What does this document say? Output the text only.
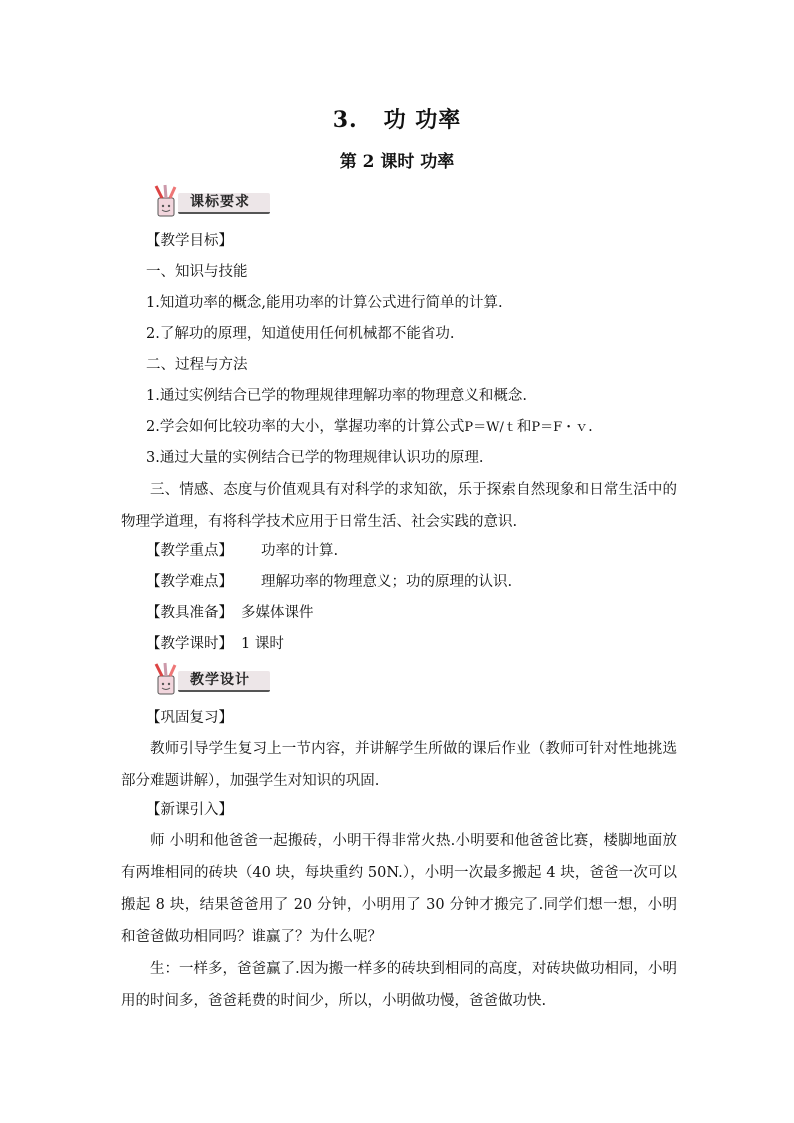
3.   功 功率
第 2 课时 功率
课标要求
【教学目标】
一、知识与技能
1.知道功率的概念,能用功率的计算公式进行简单的计算.
2.了解功的原理，知道使用任何机械都不能省功.
二、过程与方法
1.通过实例结合已学的物理规律理解功率的物理意义和概念.
2.学会如何比较功率的大小，掌握功率的计算公式P＝W/ｔ和P＝F・ｖ.
3.通过大量的实例结合已学的物理规律认识功的原理.
三、情感、态度与价值观具有对科学的求知欲，乐于探索自然现象和日常生活中的物理学道理，有将科学技术应用于日常生活、社会实践的意识.
【教学重点】 功率的计算.
【教学难点】 理解功率的物理意义；功的原理的认识.
【教具准备】 多媒体课件
【教学课时】 1 课时
教学设计
【巩固复习】
教师引导学生复习上一节内容，并讲解学生所做的课后作业（教师可针对性地挑选部分难题讲解），加强学生对知识的巩固.
【新课引入】
师 小明和他爸爸一起搬砖，小明干得非常火热.小明要和他爸爸比赛，楼脚地面放有两堆相同的砖块（40 块，每块重约 50N.），小明一次最多搬起 4 块，爸爸一次可以搬起 8 块，结果爸爸用了 20 分钟，小明用了 30 分钟才搬完了.同学们想一想，小明和爸爸做功相同吗？谁赢了？为什么呢？
生：一样多，爸爸赢了.因为搬一样多的砖块到相同的高度，对砖块做功相同，小明用的时间多，爸爸耗费的时间少，所以，小明做功慢，爸爸做功快.
